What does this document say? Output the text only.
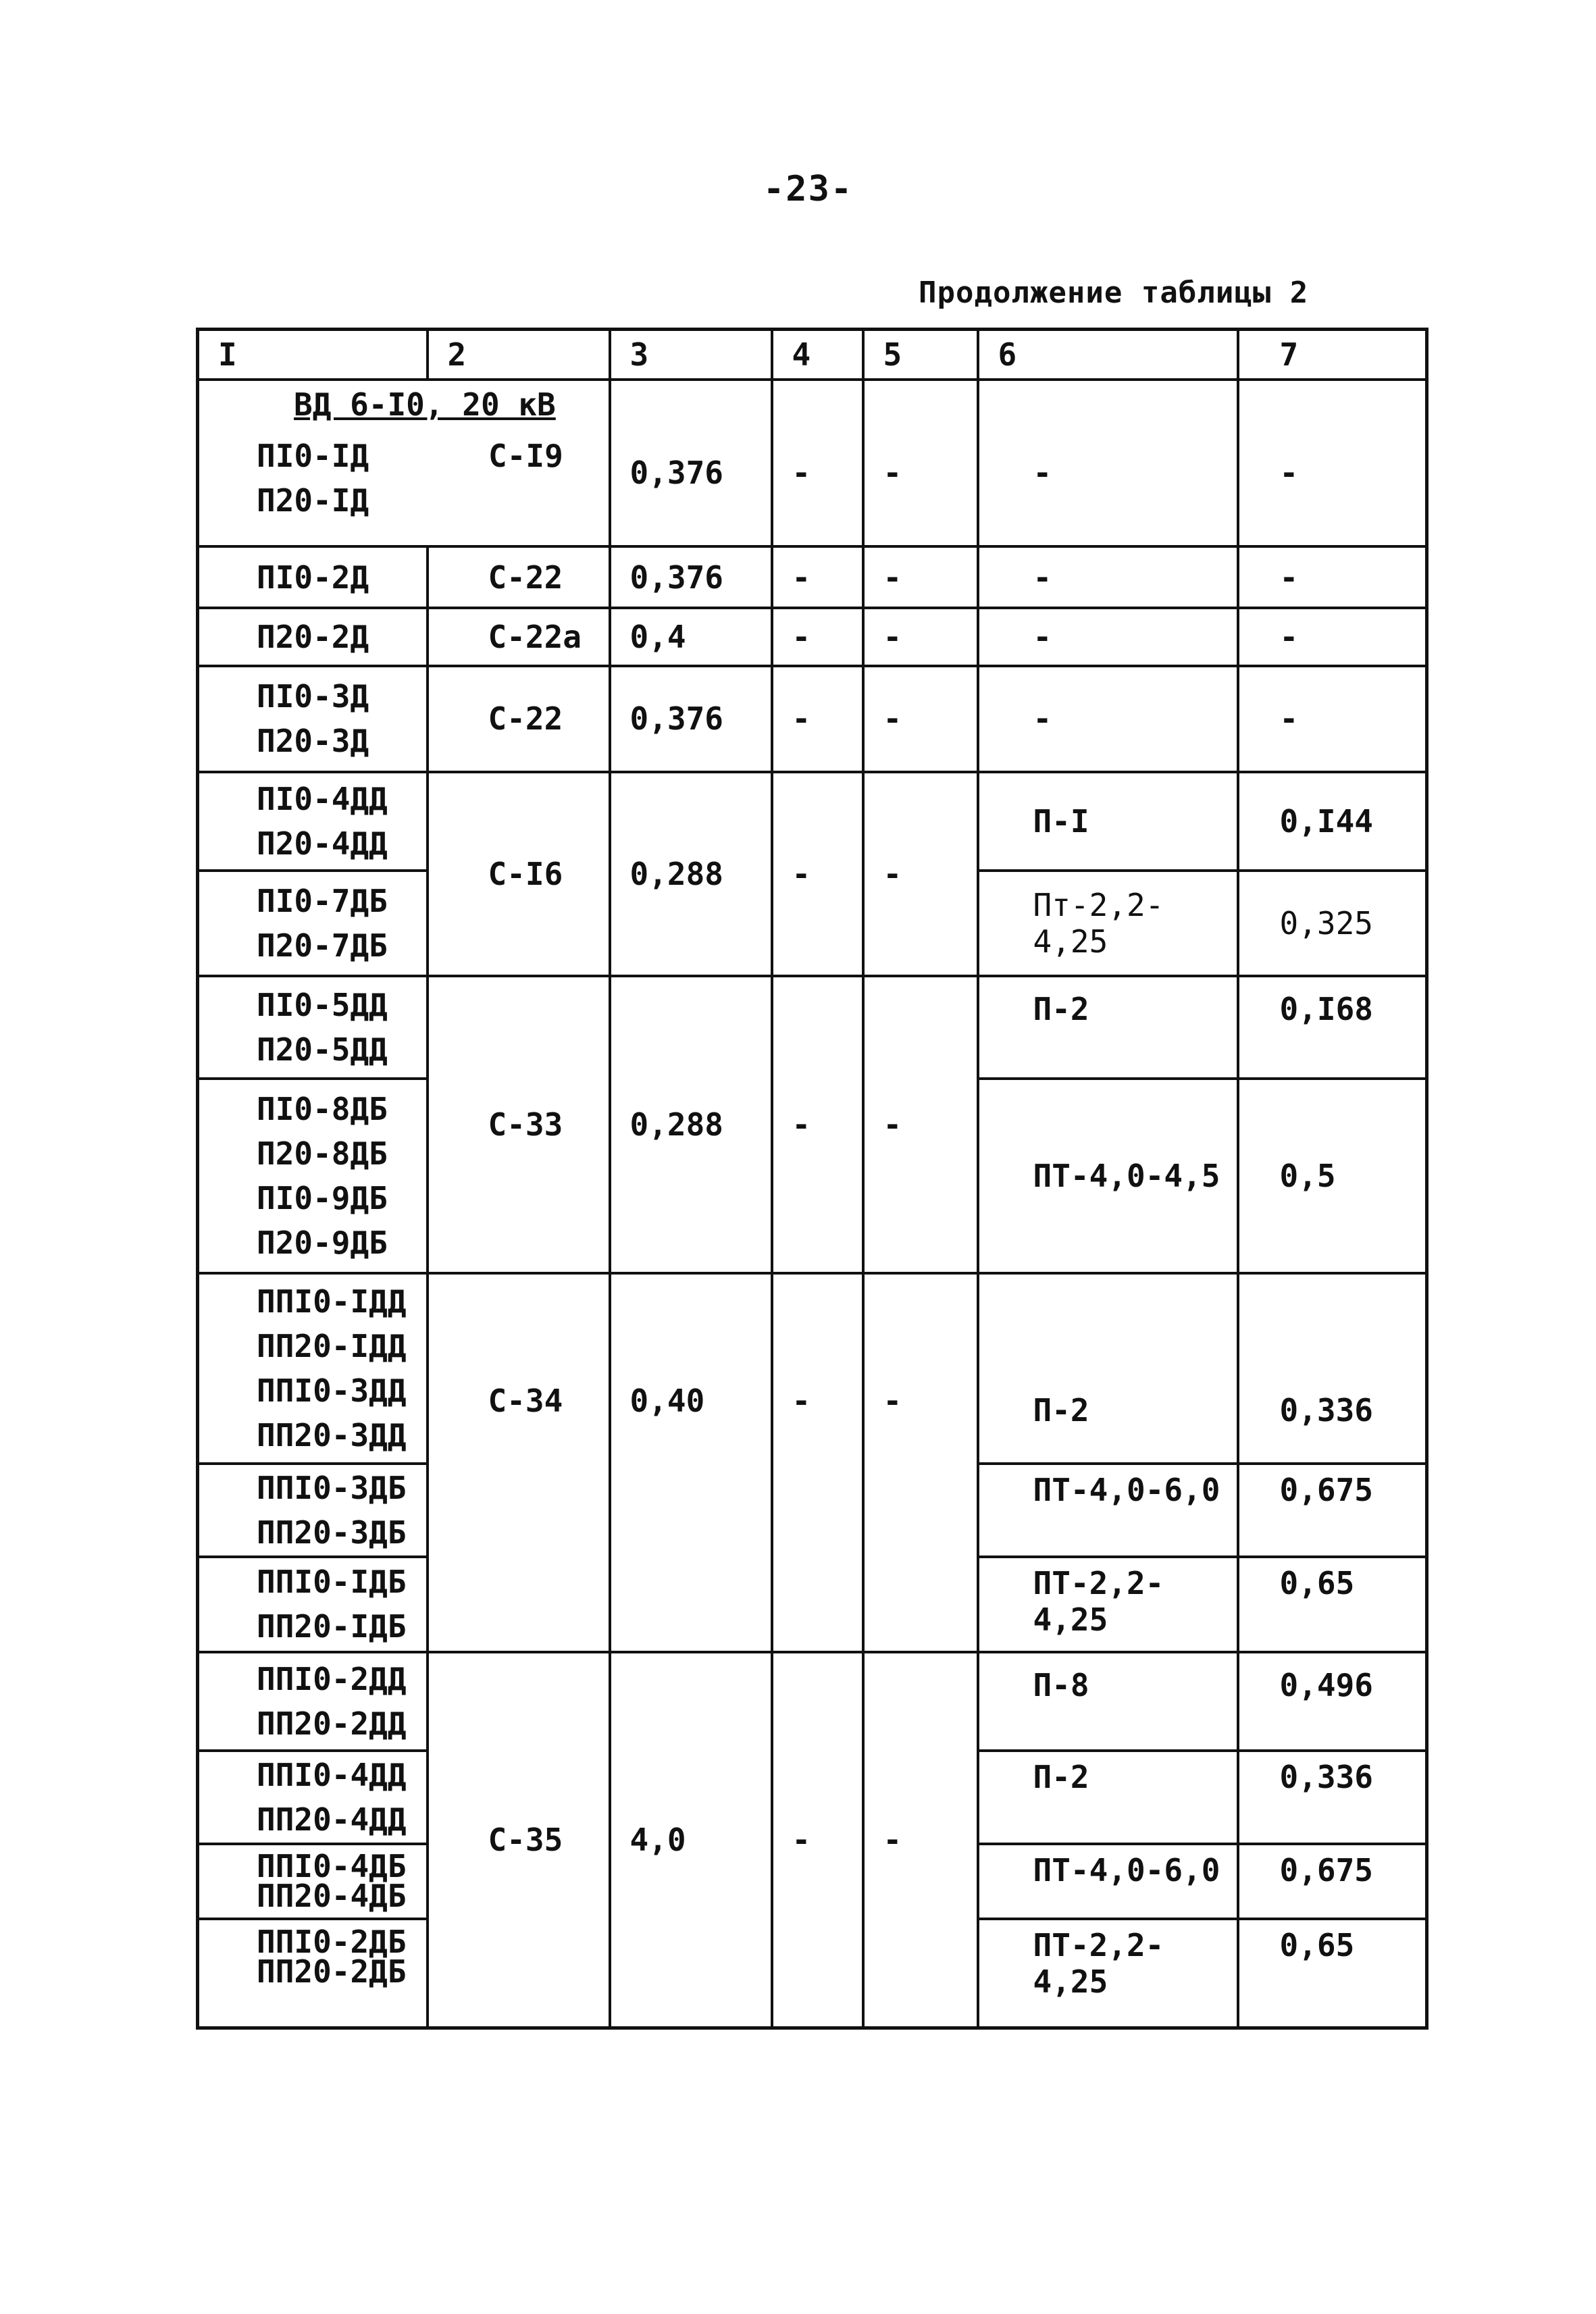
-23-
Продолжение таблицы 2
I	2	3	4	5	6	7
ВД 6-I0, 20 кВ
ПI0-IД
П20-IД
С-I9		0,376	-	-	-	-

ПI0-2Д	С-22	0,376	-	-	-	-

П20-2Д	С-22а	0,4	-	-	-	-

ПI0-3Д
П20-3Д	С-22	0,376	-	-	-	-

ПI0-4ДД
П20-4ДД	С-I6	0,288	-	-	П-I	0,I44

ПI0-7ДБ
П20-7ДБ					Пт-2,2-4,25	0,325

ПI0-5ДД
П20-5ДД	С-33	0,288	-	-	П-2	0,I68

ПI0-8ДБ
П20-8ДБ
ПI0-9ДБ
П20-9ДБ					ПТ-4,0-4,5	0,5

ППI0-IДД
ПП20-IДД
ППI0-3ДД
ПП20-3ДД	С-34	0,40	-	-	П-2	0,336

ППI0-3ДБ
ПП20-3ДБ					ПТ-4,0-6,0	0,675

ППI0-IДБ
ПП20-IДБ					ПТ-2,2-4,25	0,65

ППI0-2ДД
ПП20-2ДД	С-35	4,0	-	-	П-8	0,496

ППI0-4ДД
ПП20-4ДД					П-2	0,336

ППI0-4ДБ
ПП20-4ДБ					ПТ-4,0-6,0	0,675

ППI0-2ДБ
ПП20-2ДБ					ПТ-2,2-4,25	0,65
